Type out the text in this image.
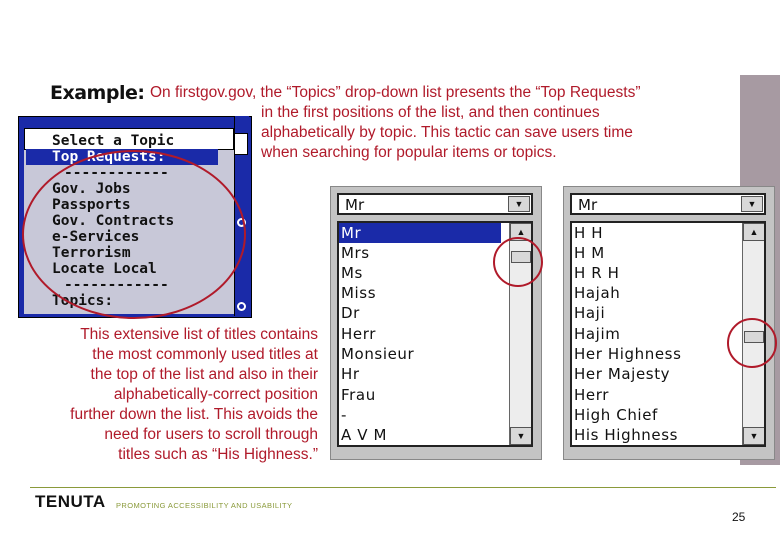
Example: On firstgov.gov, the “Topics” drop-down list presents the “Top Requests”
in the first positions of the list, and then continues
alphabetically by topic. This tactic can save users time
when searching for popular items or topics.
Select a Topic
Top Requests:
------------
Gov. Jobs
Passports
Gov. Contracts
e-Services
Terrorism
Locate Local
------------
Topics:
This extensive list of titles contains
the most commonly used titles at
the top of the list and also in their
alphabetically-correct position
further down the list. This avoids the
need for users to scroll through
titles such as “His Highness.”
Mr	▼
Mr
Mrs
Ms
Miss
Dr
Herr
Monsieur
Hr
Frau
-
A V M
▲
▼
Mr	▼
H H
H M
H R H
Hajah
Haji
Hajim
Her Highness
Her Majesty
Herr
High Chief
His Highness
▲
▼
TENUTA PROMOTING ACCESSIBILITY AND USABILITY
25
